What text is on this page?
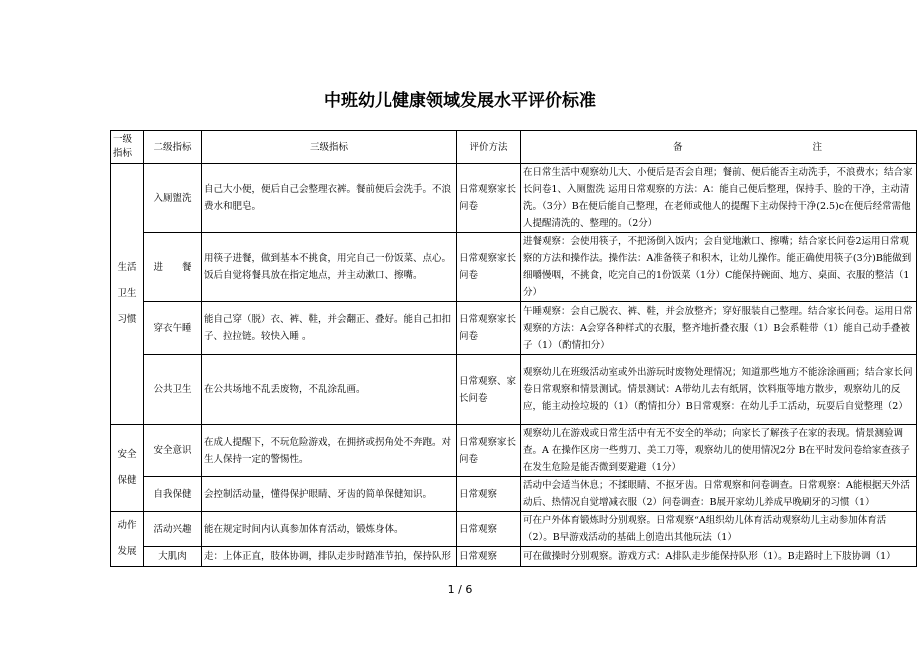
中班幼儿健康领域发展水平评价标准
一级指标	二级指标	三级指标	评价方法	备 注

生活
卫生
习惯	入厕盥洗	自己大小便，便后自己会整理衣裤。餐前便后会洗手。不浪费水和肥皂。	日常观察家长问卷	在日常生活中观察幼儿大、小便后是否会自理；餐前、便后能否主动洗手，不浪费水；结合家长问卷1、入厕盥洗 运用日常观察的方法：A：能自己便后整理，保持手、脸的干净，主动清洗。（3分）B在便后能自己整理，在老师或他人的提醒下主动保持干净(2.5)c在便后经常需他人提醒清洗的、整理的。（2分）
	进　　餐	用筷子进餐，做到基本不挑食，用完自己一份饭菜、点心。饭后自觉将餐具放在指定地点，并主动漱口、擦嘴。	日常观察家长问卷	进餐观察：会使用筷子，不把汤倒入饭内；会自觉地漱口、擦嘴；结合家长问卷2运用日常观察的方法和操作法。操作法：A准备筷子和积木，让幼儿操作。能正确使用筷子(3分)B能做到细嚼慢咽，不挑食，吃完自己的1份饭菜（1分）C能保持碗面、地方、桌面、衣服的整洁（1分）
	穿衣午睡	能自己穿（脱）衣、裤、鞋，并会翻正、叠好。能自己扣扣子、拉拉链。较快入睡 。	日常观察家长问卷	午睡观察：会自己脱衣、裤、鞋，并会放整齐；穿好服装自己整理。结合家长问卷。运用日常观察的方法：A会穿各种样式的衣服，整齐地折叠衣服（1）B会系鞋带（1）能自己动手叠被子（1）（酌情扣分）
	公共卫生	在公共场地不乱丢废物，不乱涂乱画。	日常观察、家长问卷	观察幼儿在班级活动室或外出游玩时废物处理情况；知道那些地方不能涂涂画画；结合家长问卷日常观察和情景测试。情景测试：A带幼儿去有纸屑，饮料瓶等地方散步，观察幼儿的反应，能主动捡垃圾的（1）（酌情扣分）B日常观察：在幼儿手工活动，玩耍后自觉整理（2）

安全
保健	安全意识	在成人提醒下，不玩危险游戏，在拥挤或拐角处不奔跑。对生人保持一定的警惕性。	日常观察家长问卷	观察幼儿在游戏或日常生活中有无不安全的举动；向家长了解孩子在家的表现。情景测验调查。A 在操作区房一些剪刀、美工刀等，观察幼儿的使用情况2分 B在平时发问卷给家查孩子在发生危险是能否微到要避避（1分）
	自我保健	会控制活动量，懂得保护眼睛、牙齿的简单保健知识。	日常观察	活动中会适当休息；不揉眼睛、不抠牙齿。日常观察和问卷调查。日常观察：A能根据天外活动后、热情况自觉增减衣服（2）问卷调查：B展开家幼儿养成早晚刷牙的习惯（1）

动作
发展	活动兴趣	能在规定时间内认真参加体育活动，锻炼身体。	日常观察	可在户外体育锻炼时分别观察。日常观察“A组织幼儿体育活动观察幼儿主动参加体育活（2）。B早游戏活动的基础上创造出其他玩法（1）
	大肌肉	走：上体正直，肢体协调，排队走步时踏准节拍，保持队形	日常观察	可在做操时分别观察。游戏方式：A排队走步能保持队形（1）。B走路时上下肢协调（1）
1 / 6
